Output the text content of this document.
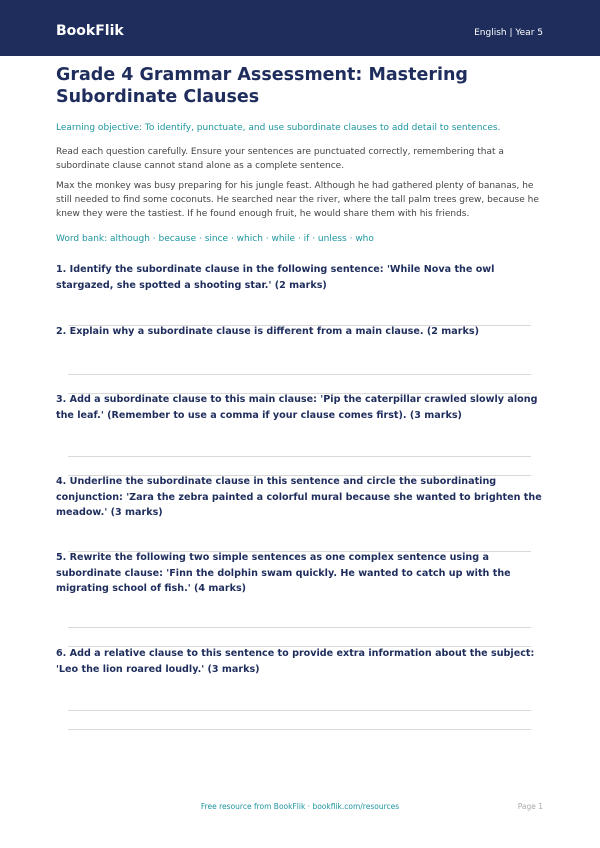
BookFlik	English | Year 5
Grade 4 Grammar Assessment: Mastering Subordinate Clauses
Learning objective: To identify, punctuate, and use subordinate clauses to add detail to sentences.
Read each question carefully. Ensure your sentences are punctuated correctly, remembering that a subordinate clause cannot stand alone as a complete sentence.
Max the monkey was busy preparing for his jungle feast. Although he had gathered plenty of bananas, he still needed to find some coconuts. He searched near the river, where the tall palm trees grew, because he knew they were the tastiest. If he found enough fruit, he would share them with his friends.
Word bank: although · because · since · which · while · if · unless · who

1. Identify the subordinate clause in the following sentence: 'While Nova the owl stargazed, she spotted a shooting star.' (2 marks)

2. Explain why a subordinate clause is different from a main clause. (2 marks)

3. Add a subordinate clause to this main clause: 'Pip the caterpillar crawled slowly along the leaf.' (Remember to use a comma if your clause comes first). (3 marks)

4. Underline the subordinate clause in this sentence and circle the subordinating conjunction: 'Zara the zebra painted a colorful mural because she wanted to brighten the meadow.' (3 marks)

5. Rewrite the following two simple sentences as one complex sentence using a subordinate clause: 'Finn the dolphin swam quickly. He wanted to catch up with the migrating school of fish.' (4 marks)

6. Add a relative clause to this sentence to provide extra information about the subject: 'Leo the lion roared loudly.' (3 marks)

Free resource from BookFlik · bookflik.com/resources	Page 1
